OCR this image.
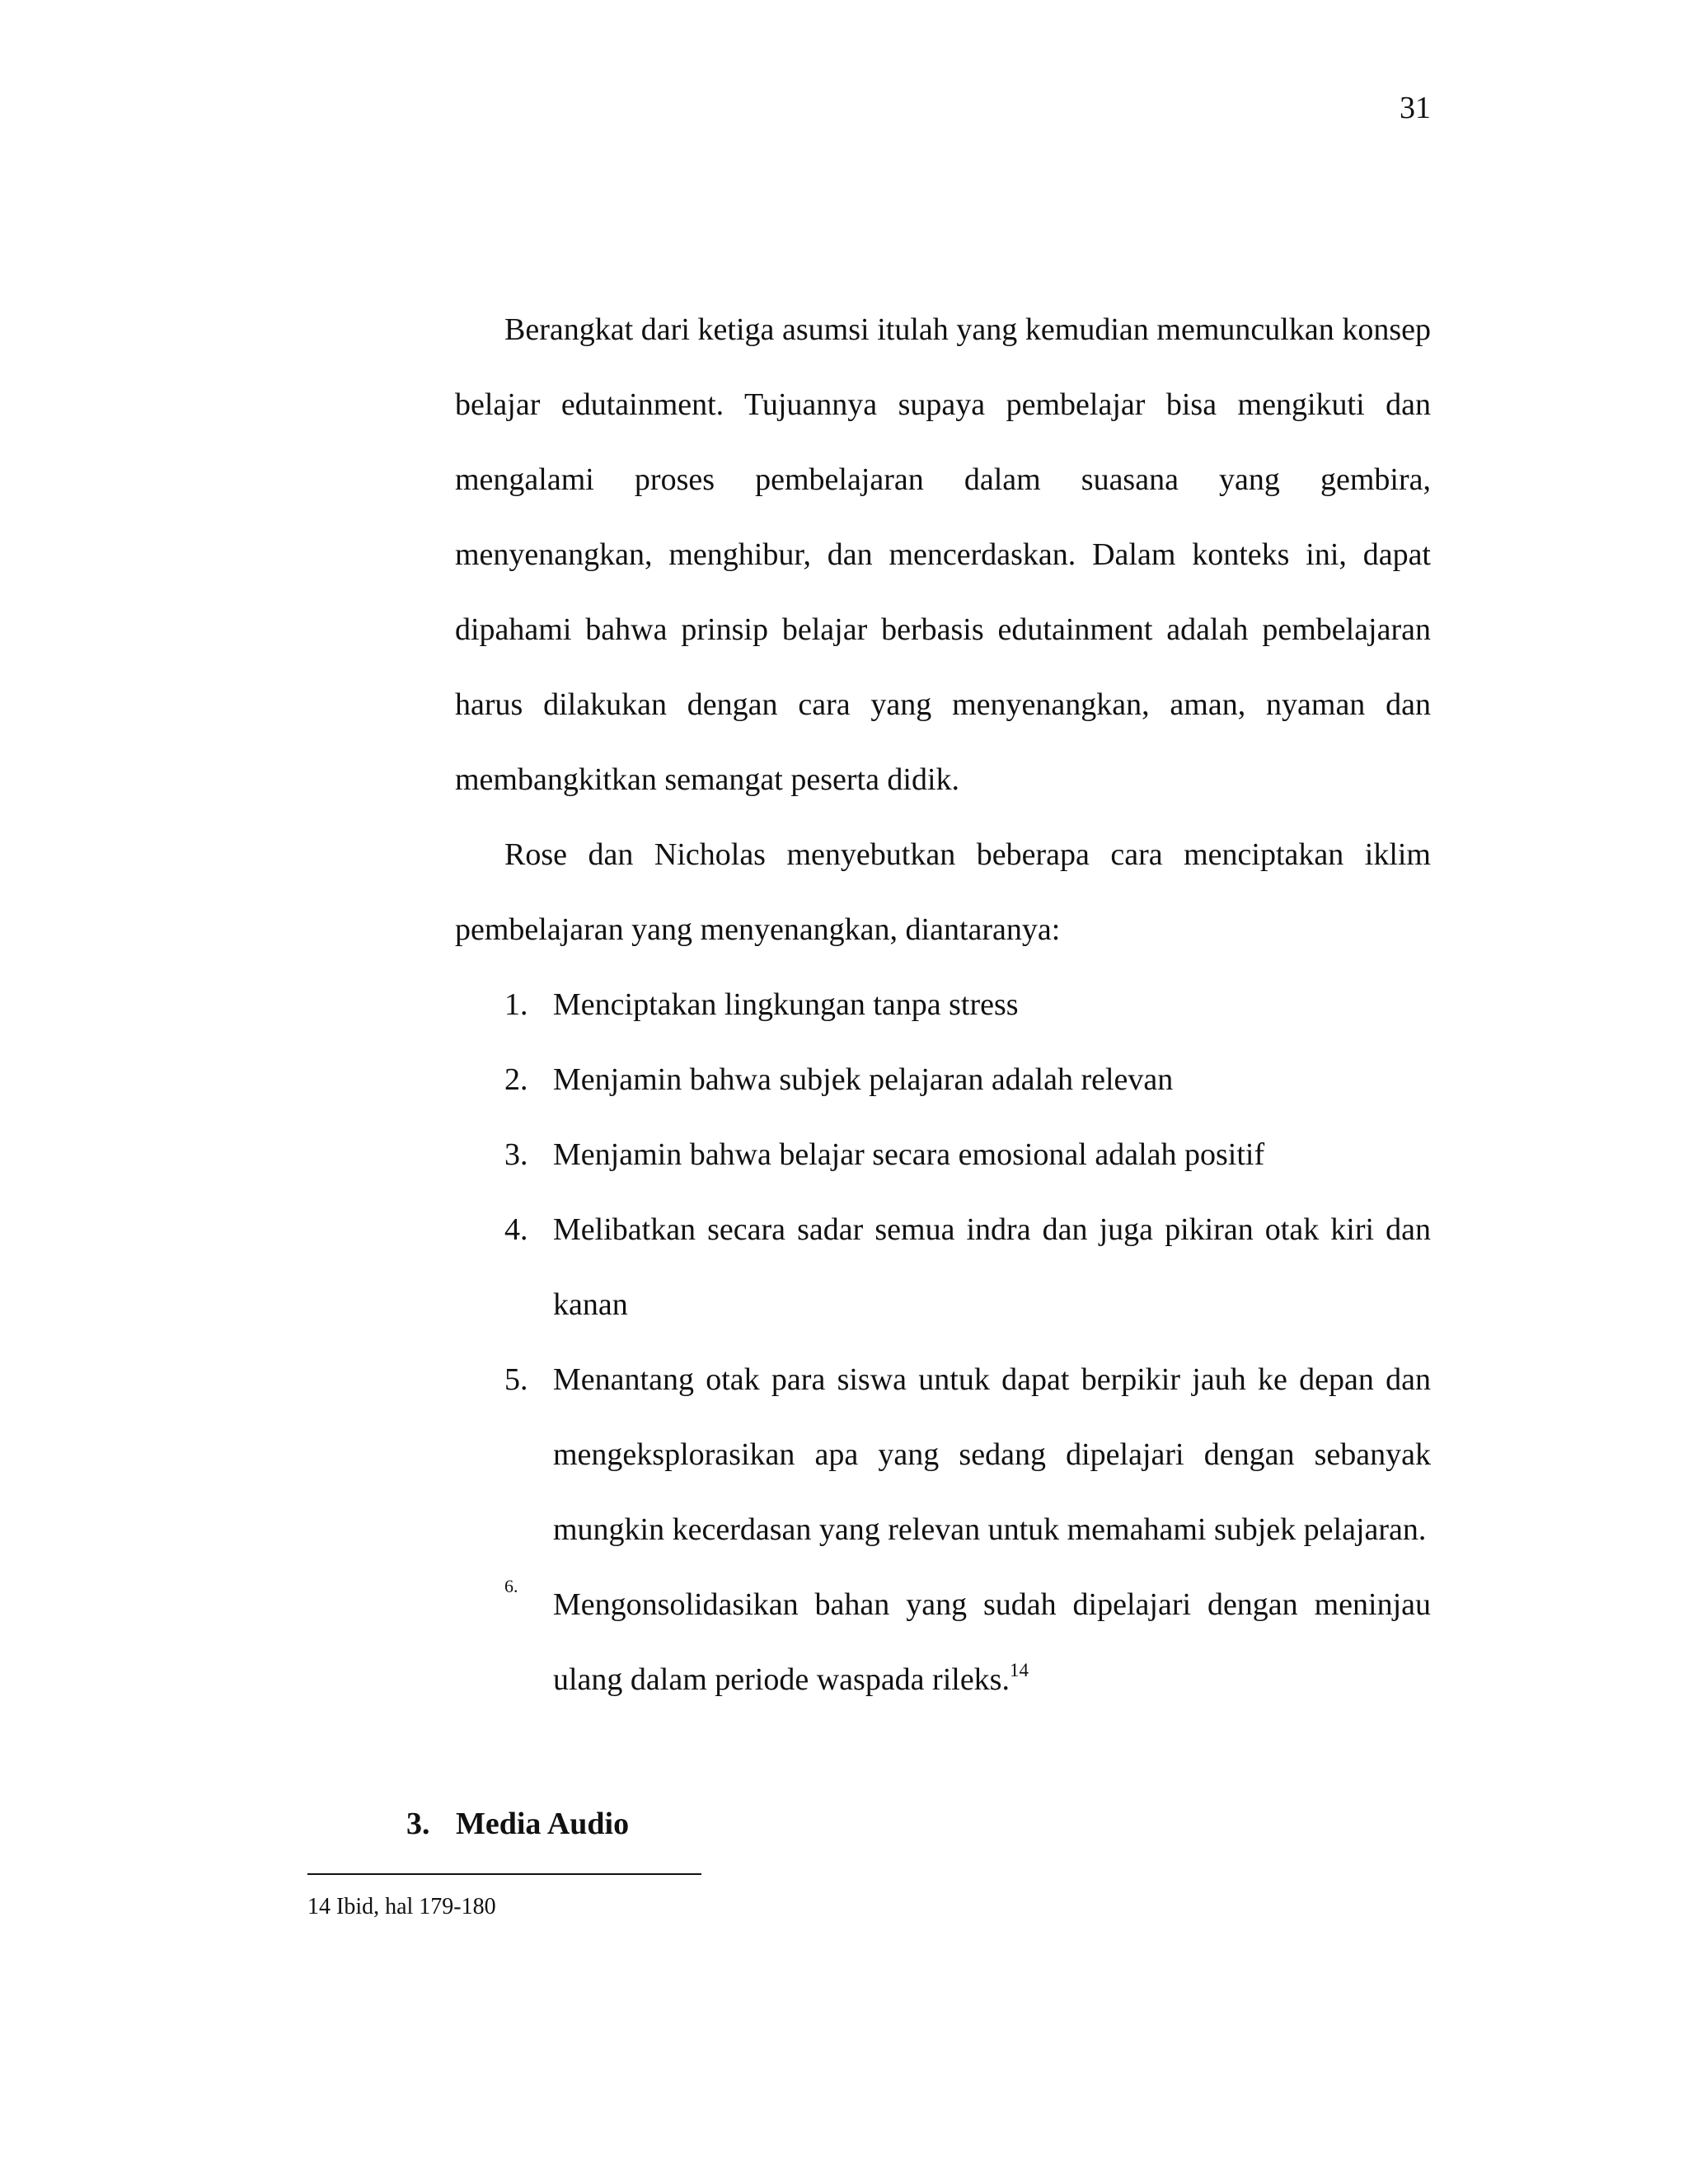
31

Berangkat dari ketiga asumsi itulah yang kemudian memunculkan konsep belajar edutainment. Tujuannya supaya pembelajar bisa mengikuti dan mengalami proses pembelajaran dalam suasana yang gembira, menyenangkan, menghibur, dan mencerdaskan. Dalam konteks ini, dapat dipahami bahwa prinsip belajar berbasis edutainment adalah pembelajaran harus dilakukan dengan cara yang menyenangkan, aman, nyaman dan membangkitkan semangat peserta didik.

Rose dan Nicholas menyebutkan beberapa cara menciptakan iklim pembelajaran yang menyenangkan, diantaranya:

1. Menciptakan lingkungan tanpa stress
2. Menjamin bahwa subjek pelajaran adalah relevan
3. Menjamin bahwa belajar secara emosional adalah positif
4. Melibatkan secara sadar semua indra dan juga pikiran otak kiri dan kanan
5. Menantang otak para siswa untuk dapat berpikir jauh ke depan dan mengeksplorasikan apa yang sedang dipelajari dengan sebanyak mungkin kecerdasan yang relevan untuk memahami subjek pelajaran.
6.
Mengonsolidasikan bahan yang sudah dipelajari dengan meninjau ulang dalam periode waspada rileks.$^{14}$
3. Media Audio
14 Ibid, hal 179-180
